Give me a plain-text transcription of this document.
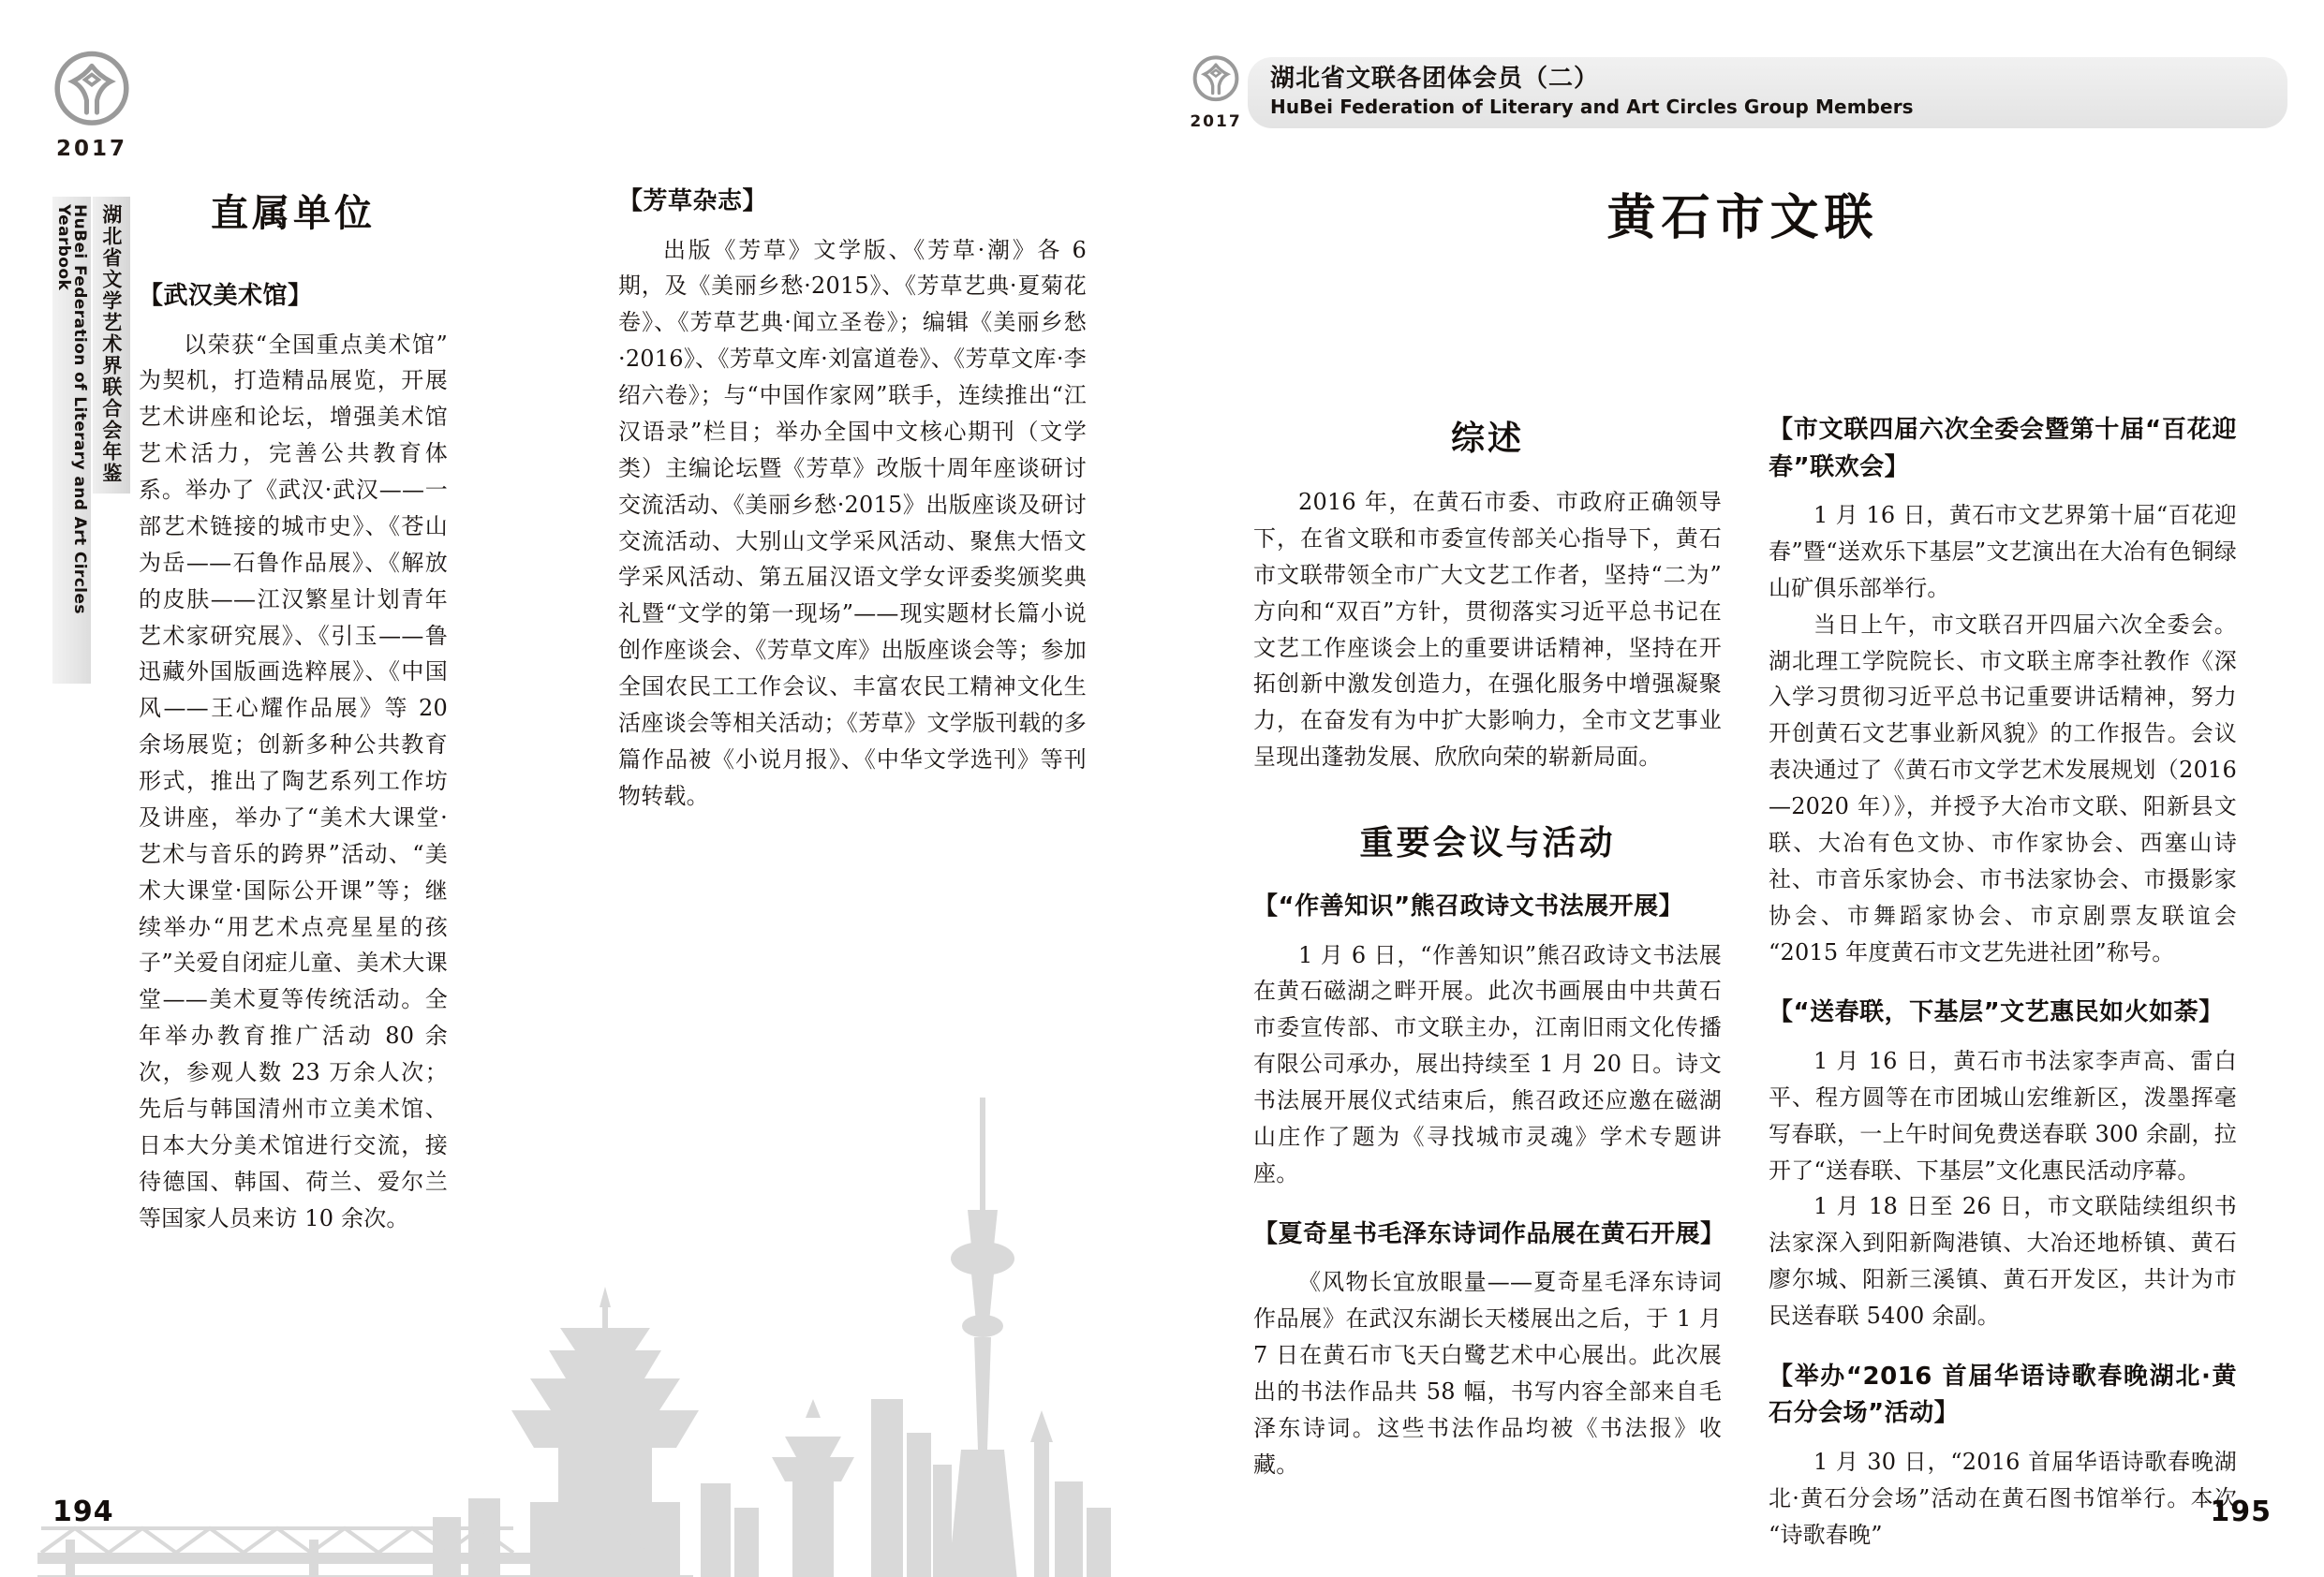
2017
湖北省文学艺术界联合会年鉴
HuBei Federation of Literary and Art Circles Yearbook	直属单位
【武汉美术馆】

以荣获“全国重点美术馆”为契机，打造精品展览，开展艺术讲座和论坛，增强美术馆艺术活力，完善公共教育体系。举办了《武汉·武汉——一部艺术链接的城市史》、《苍山为岳——石鲁作品展》、《解放的皮肤——江汉繁星计划青年艺术家研究展》、《引玉——鲁迅藏外国版画选粹展》、《中国风——王心耀作品展》等 20 余场展览；创新多种公共教育形式，推出了陶艺系列工作坊及讲座，举办了“美术大课堂·艺术与音乐的跨界”活动、“美术大课堂·国际公开课”等；继续举办“用艺术点亮星星的孩子”关爱自闭症儿童、美术大课堂——美术夏等传统活动。全年举办教育推广活动 80 余次，参观人数 23 万余人次；先后与韩国清州市立美术馆、日本大分美术馆进行交流，接待德国、韩国、荷兰、爱尔兰等国家人员来访 10 余次。

【芳草杂志】

出版《芳草》文学版、《芳草·潮》各 6 期，及《美丽乡愁·2015》、《芳草艺典·夏菊花卷》、《芳草艺典·闻立圣卷》；编辑《美丽乡愁·2016》、《芳草文库·刘富道卷》、《芳草文库·李绍六卷》；与“中国作家网”联手，连续推出“江汉语录”栏目；举办全国中文核心期刊（文学类）主编论坛暨《芳草》改版十周年座谈研讨交流活动、《美丽乡愁·2015》出版座谈及研讨交流活动、大别山文学采风活动、聚焦大悟文学采风活动、第五届汉语文学女评委奖颁奖典礼暨“文学的第一现场”——现实题材长篇小说创作座谈会、《芳草文库》出版座谈会等；参加全国农民工工作会议、丰富农民工精神文化生活座谈会等相关活动；《芳草》文学版刊载的多篇作品被《小说月报》、《中华文学选刊》等刊物转载。

194
2017
湖北省文联各团体会员（二）
HuBei Federation of Literary and Art Circles Group Members
黄石市文联
综述

2016 年，在黄石市委、市政府正确领导下，在省文联和市委宣传部关心指导下，黄石市文联带领全市广大文艺工作者，坚持“二为”方向和“双百”方针，贯彻落实习近平总书记在文艺工作座谈会上的重要讲话精神，坚持在开拓创新中激发创造力，在强化服务中增强凝聚力，在奋发有为中扩大影响力，全市文艺事业呈现出蓬勃发展、欣欣向荣的崭新局面。

重要会议与活动
【“作善知识”熊召政诗文书法展开展】

1 月 6 日，“作善知识”熊召政诗文书法展在黄石磁湖之畔开展。此次书画展由中共黄石市委宣传部、市文联主办，江南旧雨文化传播有限公司承办，展出持续至 1 月 20 日。诗文书法展开展仪式结束后，熊召政还应邀在磁湖山庄作了题为《寻找城市灵魂》学术专题讲座。

【夏奇星书毛泽东诗词作品展在黄石开展】

《风物长宜放眼量——夏奇星毛泽东诗词作品展》在武汉东湖长天楼展出之后，于 1 月 7 日在黄石市飞天白鹭艺术中心展出。此次展出的书法作品共 58 幅，书写内容全部来自毛泽东诗词。这些书法作品均被《书法报》收藏。

【市文联四届六次全委会暨第十届“百花迎春”联欢会】

1 月 16 日，黄石市文艺界第十届“百花迎春”暨“送欢乐下基层”文艺演出在大冶有色铜绿山矿俱乐部举行。

当日上午，市文联召开四届六次全委会。湖北理工学院院长、市文联主席李社教作《深入学习贯彻习近平总书记重要讲话精神，努力开创黄石文艺事业新风貌》的工作报告。会议表决通过了《黄石市文学艺术发展规划（2016—2020 年）》，并授予大冶市文联、阳新县文联、大冶有色文协、市作家协会、西塞山诗社、市音乐家协会、市书法家协会、市摄影家协会、市舞蹈家协会、市京剧票友联谊会“2015 年度黄石市文艺先进社团”称号。

【“送春联，下基层”文艺惠民如火如荼】

1 月 16 日，黄石市书法家李声高、雷白平、程方圆等在市团城山宏维新区，泼墨挥毫写春联，一上午时间免费送春联 300 余副，拉开了“送春联、下基层”文化惠民活动序幕。

1 月 18 日至 26 日，市文联陆续组织书法家深入到阳新陶港镇、大冶还地桥镇、黄石廖尔城、阳新三溪镇、黄石开发区，共计为市民送春联 5400 余副。

【举办“2016 首届华语诗歌春晚湖北·黄石分会场”活动】

1 月 30 日，“2016 首届华语诗歌春晚湖北·黄石分会场”活动在黄石图书馆举行。本次“诗歌春晚”

195
